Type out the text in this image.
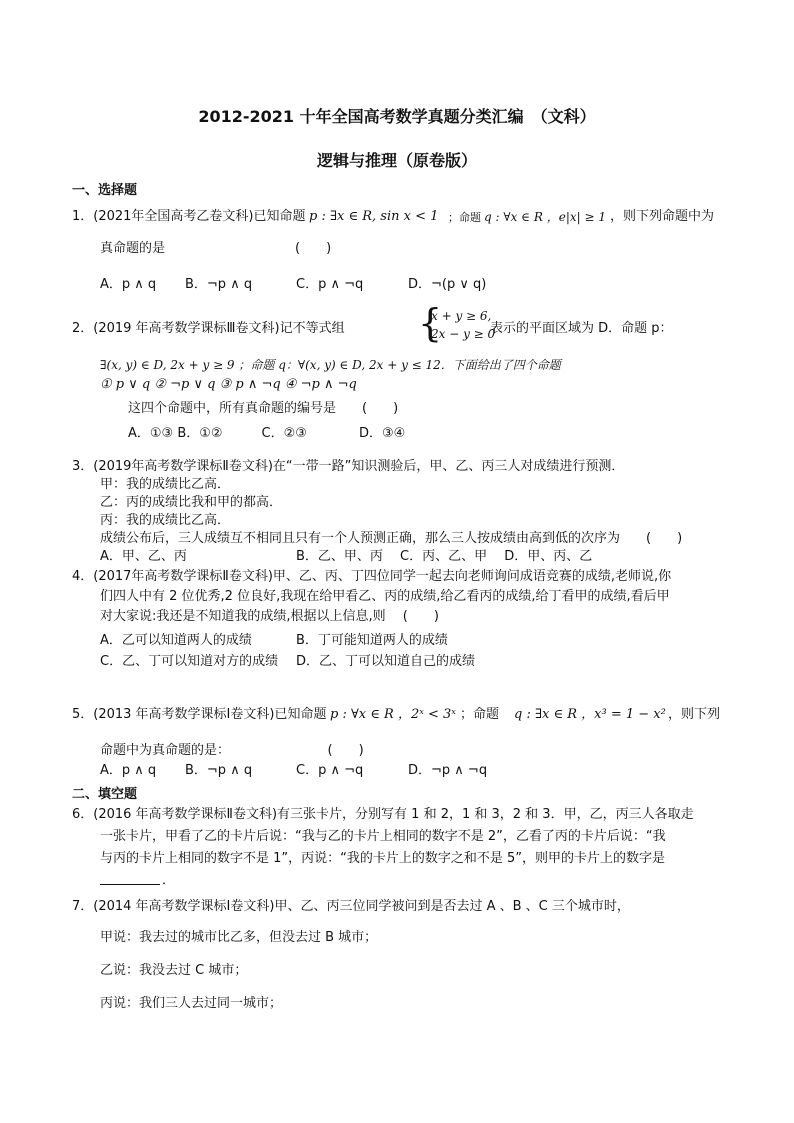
2012-2021 十年全国高考数学真题分类汇编　（文科）
逻辑与推理（原卷版）
一、选择题
1．(2021年全国高考乙卷文科)已知命题 p : ∃x ∈ R, sin x < 1 ；命题 q : ∀x ∈ R ，e|x| ≥ 1 ，则下列命题中为
真命题的是　　　　　　　　　　(　　)
A．p ∧ q B．¬p ∧ q	C．p ∧ ¬q	D．¬(p ∨ q)
2．(2019 年高考数学课标Ⅲ卷文科)记不等式组 {
x + y ≥ 6,
2x − y ≥ 0
表示的平面区域为 D．命题 p：
∃(x, y) ∈ D, 2x + y ≥ 9 ；命题 q：∀(x, y) ∈ D, 2x + y ≤ 12．下面给出了四个命题
① p ∨ q ② ¬p ∨ q ③ p ∧ ¬q ④ ¬p ∧ ¬q
这四个命题中，所有真命题的编号是　　(　　)
A．①③ B．①②　　　C．②③　　　　D．③④
3．(2019年高考数学课标Ⅱ卷文科)在“一带一路”知识测验后，甲、乙、丙三人对成绩进行预测．
甲：我的成绩比乙高．
乙：丙的成绩比我和甲的都高．
丙：我的成绩比乙高．
成绩公布后，三人成绩互不相同且只有一个人预测正确，那么三人按成绩由高到低的次序为　　(　　)
A．甲、乙、丙	B．乙、甲、丙　 C．丙、乙、甲　 D．甲、丙、乙
4．(2017年高考数学课标Ⅱ卷文科)甲、乙、丙、丁四位同学一起去向老师询问成语竞赛的成绩,老师说,你
们四人中有 2 位优秀,2 位良好,我现在给甲看乙、丙的成绩,给乙看丙的成绩,给丁看甲的成绩,看后甲
对大家说:我还是不知道我的成绩,根据以上信息,则　 (　　)
A．乙可以知道两人的成绩	B．丁可能知道两人的成绩
C．乙、丁可以知道对方的成绩 D．乙、丁可以知道自己的成绩
5．(2013 年高考数学课标Ⅰ卷文科)已知命题 p : ∀x ∈ R ，2ˣ < 3ˣ ；命题 q : ∃x ∈ R ，x³ = 1 − x² ，则下列
命题中为真命题的是：　　　　　　　　(　　)
A．p ∧ q B．¬p ∧ q	C．p ∧ ¬q	D．¬p ∧ ¬q
二、填空题
6．(2016 年高考数学课标Ⅱ卷文科)有三张卡片，分别写有 1 和 2，1 和 3，2 和 3．甲，乙，丙三人各取走
一张卡片，甲看了乙的卡片后说：“我与乙的卡片上相同的数字不是 2”，乙看了丙的卡片后说：“我
与丙的卡片上相同的数字不是 1”，丙说：“我的卡片上的数字之和不是 5”，则甲的卡片上的数字是
．
7．(2014 年高考数学课标Ⅰ卷文科)甲、乙、丙三位同学被问到是否去过 A 、B 、C 三个城市时，
甲说：我去过的城市比乙多，但没去过 B 城市；
乙说：我没去过 C 城市；
丙说：我们三人去过同一城市；
